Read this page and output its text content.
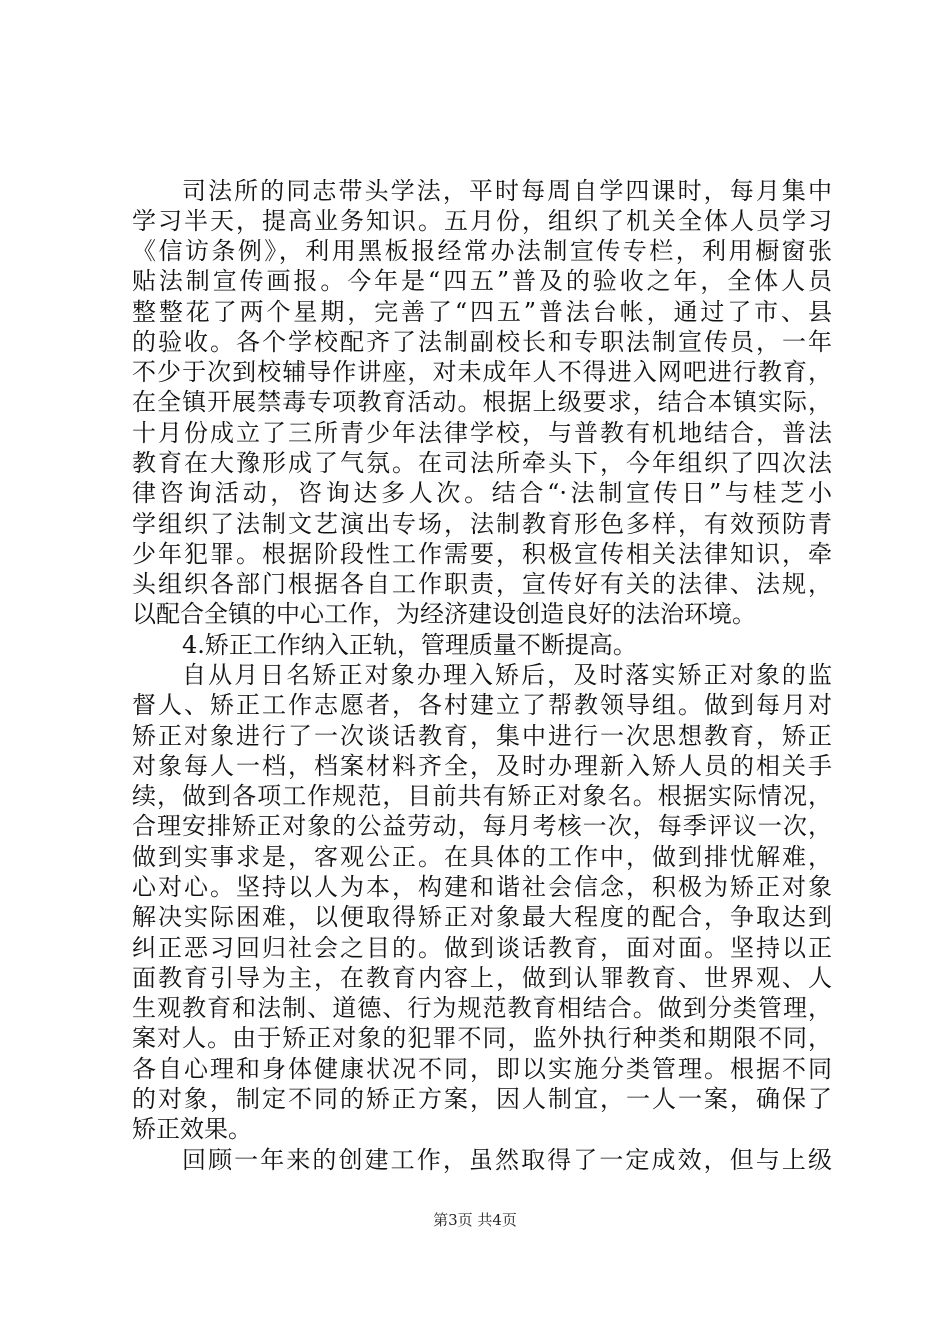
司法所的同志带头学法，平时每周自学四课时，每月集中
学习半天，提高业务知识。五月份，组织了机关全体人员学习
《信访条例》，利用黑板报经常办法制宣传专栏，利用橱窗张
贴法制宣传画报。今年是“四五”普及的验收之年，全体人员
整整花了两个星期，完善了“四五”普法台帐，通过了市、县
的验收。各个学校配齐了法制副校长和专职法制宣传员，一年
不少于次到校辅导作讲座，对未成年人不得进入网吧进行教育，
在全镇开展禁毒专项教育活动。根据上级要求，结合本镇实际，
十月份成立了三所青少年法律学校，与普教有机地结合，普法
教育在大豫形成了气氛。在司法所牵头下，今年组织了四次法
律咨询活动，咨询达多人次。结合“·法制宣传日”与桂芝小
学组织了法制文艺演出专场，法制教育形色多样，有效预防青
少年犯罪。根据阶段性工作需要，积极宣传相关法律知识，牵
头组织各部门根据各自工作职责，宣传好有关的法律、法规，
以配合全镇的中心工作，为经济建设创造良好的法治环境。
4.矫正工作纳入正轨，管理质量不断提高。
自从月日名矫正对象办理入矫后，及时落实矫正对象的监
督人、矫正工作志愿者，各村建立了帮教领导组。做到每月对
矫正对象进行了一次谈话教育，集中进行一次思想教育，矫正
对象每人一档，档案材料齐全，及时办理新入矫人员的相关手
续，做到各项工作规范，目前共有矫正对象名。根据实际情况，
合理安排矫正对象的公益劳动，每月考核一次，每季评议一次，
做到实事求是，客观公正。在具体的工作中，做到排忧解难，
心对心。坚持以人为本，构建和谐社会信念，积极为矫正对象
解决实际困难，以便取得矫正对象最大程度的配合，争取达到
纠正恶习回归社会之目的。做到谈话教育，面对面。坚持以正
面教育引导为主，在教育内容上，做到认罪教育、世界观、人
生观教育和法制、道德、行为规范教育相结合。做到分类管理，
案对人。由于矫正对象的犯罪不同，监外执行种类和期限不同，
各自心理和身体健康状况不同，即以实施分类管理。根据不同
的对象，制定不同的矫正方案，因人制宜，一人一案，确保了
矫正效果。
回顾一年来的创建工作，虽然取得了一定成效，但与上级
第3页 共4页
